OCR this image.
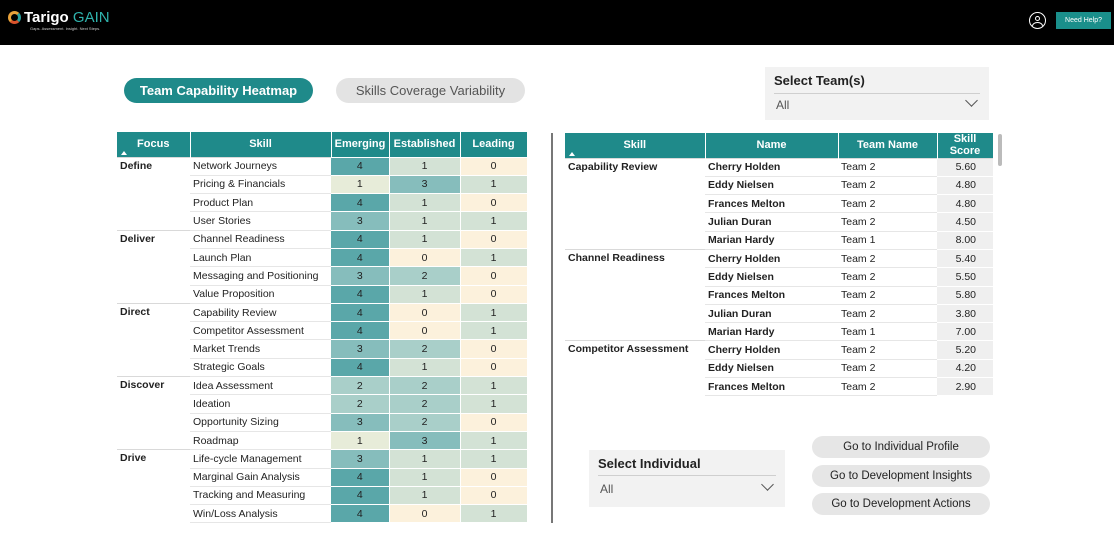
Tarigo GAIN
Gaps. Assessment. Insight. Next Steps.
Need Help?
Team Capability Heatmap	Skills Coverage Variability
Select Team(s)
All
Select Individual
All
Go to Individual Profile
Go to Development Insights
Go to Development Actions
Focus	Skill	Emerging	Established	Leading
Define	Network Journeys	4	1	0
	Pricing & Financials	1	3	1
	Product Plan	4	1	0
	User Stories	3	1	1
Deliver	Channel Readiness	4	1	0
	Launch Plan	4	0	1
	Messaging and Positioning	3	2	0
	Value Proposition	4	1	0
Direct	Capability Review	4	0	1
	Competitor Assessment	4	0	1
	Market Trends	3	2	0
	Strategic Goals	4	1	0
Discover	Idea Assessment	2	2	1
	Ideation	2	2	1
	Opportunity Sizing	3	2	0
	Roadmap	1	3	1
Drive	Life-cycle Management	3	1	1
	Marginal Gain Analysis	4	1	0
	Tracking and Measuring	4	1	0
	Win/Loss Analysis	4	0	1
Skill	Name	Team Name	Skill Score
Capability Review	Cherry Holden	Team 2	5.60
	Eddy Nielsen	Team 2	4.80
	Frances Melton	Team 2	4.80
	Julian Duran	Team 2	4.50
	Marian Hardy	Team 1	8.00
Channel Readiness	Cherry Holden	Team 2	5.40
	Eddy Nielsen	Team 2	5.50
	Frances Melton	Team 2	5.80
	Julian Duran	Team 2	3.80
	Marian Hardy	Team 1	7.00
Competitor Assessment	Cherry Holden	Team 2	5.20
	Eddy Nielsen	Team 2	4.20
	Frances Melton	Team 2	2.90
